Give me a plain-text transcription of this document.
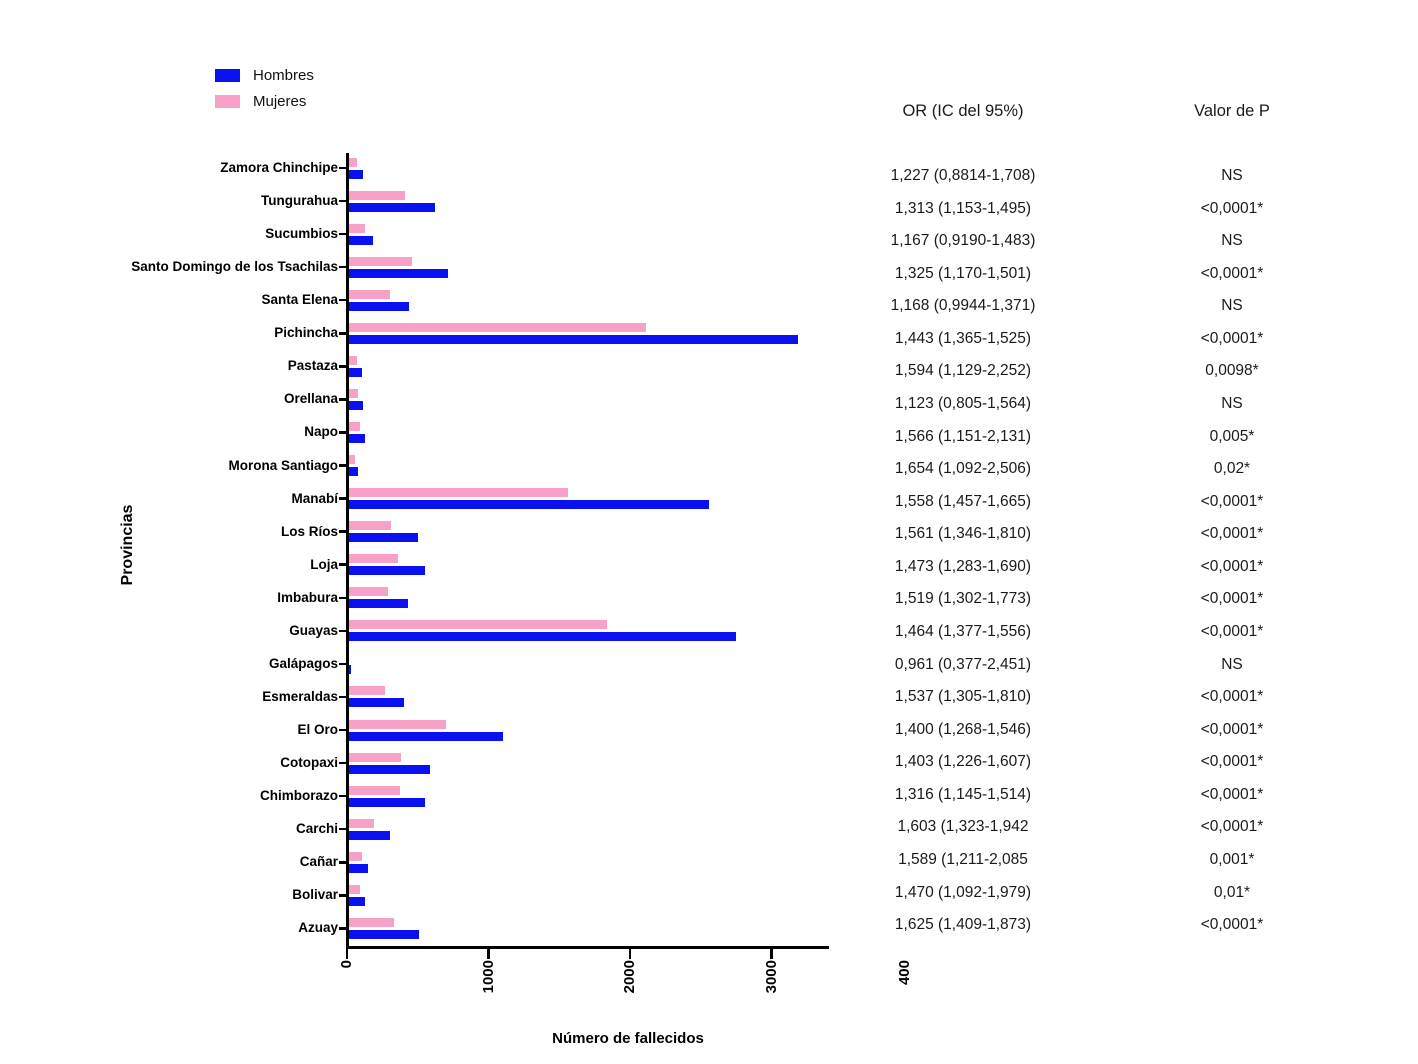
Hombres
Mujeres
OR (IC del 95%)	Valor de P
Provincias
Número de fallecidos
400
Zamora Chinchipe	1,227 (0,8814-1,708)	NS
Tungurahua	1,313 (1,153-1,495)	<0,0001*
Sucumbios	1,167 (0,9190-1,483)	NS
Santo Domingo de los Tsachilas	1,325 (1,170-1,501)	<0,0001*
Santa Elena	1,168 (0,9944-1,371)	NS
Pichincha	1,443 (1,365-1,525)	<0,0001*
Pastaza	1,594 (1,129-2,252)	0,0098*
Orellana	1,123 (0,805-1,564)	NS
Napo	1,566 (1,151-2,131)	0,005*
Morona Santiago	1,654 (1,092-2,506)	0,02*
Manabí	1,558 (1,457-1,665)	<0,0001*
Los Ríos	1,561 (1,346-1,810)	<0,0001*
Loja	1,473 (1,283-1,690)	<0,0001*
Imbabura	1,519 (1,302-1,773)	<0,0001*
Guayas	1,464 (1,377-1,556)	<0,0001*
Galápagos	0,961 (0,377-2,451)	NS
Esmeraldas	1,537 (1,305-1,810)	<0,0001*
El Oro	1,400 (1,268-1,546)	<0,0001*
Cotopaxi	1,403 (1,226-1,607)	<0,0001*
Chimborazo	1,316 (1,145-1,514)	<0,0001*
Carchi	1,603 (1,323-1,942	<0,0001*
Cañar	1,589 (1,211-2,085	0,001*
Bolivar	1,470 (1,092-1,979)	0,01*
Azuay	1,625 (1,409-1,873)	<0,0001*
0	1000	2000	3000
